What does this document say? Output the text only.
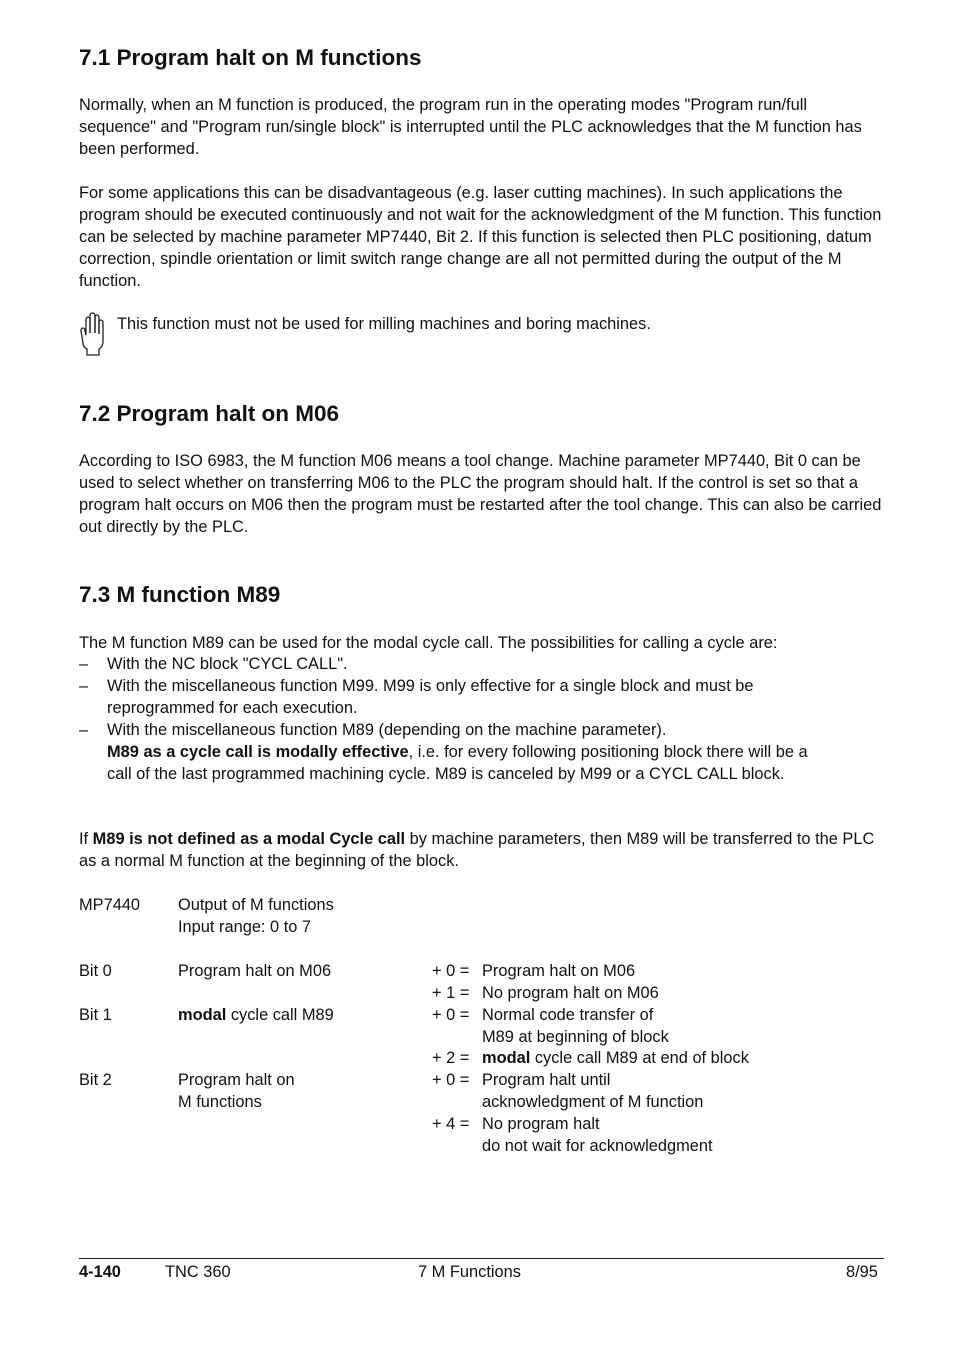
7.1 Program halt on M functions

Normally, when an M function is produced, the program run in the operating modes "Program run/full sequence" and "Program run/single block" is interrupted until the PLC acknowledges that the M function has been performed.

For some applications this can be disadvantageous (e.g. laser cutting machines). In such applications the program should be executed continuously and not wait for the acknowledgment of the M function. This function can be selected by machine parameter MP7440, Bit 2. If this function is selected then PLC positioning, datum correction, spindle orientation or limit switch range change are all not permitted during the output of the M function.

This function must not be used for milling machines and boring machines.

7.2 Program halt on M06

According to ISO 6983, the M function M06 means a tool change. Machine parameter MP7440, Bit 0 can be used to select whether on transferring M06 to the PLC the program should halt. If the control is set so that a program halt occurs on M06 then the program must be restarted after the tool change. This can also be carried out directly by the PLC.

7.3 M function M89

The M function M89 can be used for the modal cycle call. The possibilities for calling a cycle are:

– With the NC block "CYCL CALL".

– With the miscellaneous function M99. M99 is only effective for a single block and must be reprogrammed for each execution.

– With the miscellaneous function M89 (depending on the machine parameter).

M89 as a cycle call is modally effective, i.e. for every following positioning block there will be a call of the last programmed machining cycle. M89 is canceled by M99 or a CYCL CALL block.

If M89 is not defined as a modal Cycle call by machine parameters, then M89 will be transferred to the PLC as a normal M function at the beginning of the block.

MP7440 Output of M functions
Input range: 0 to 7
Bit 0	Program halt on M06	+ 0 = Program halt on M06
+ 1 = No program halt on M06
Bit 1	modal cycle call M89	+ 0 = Normal code transfer of
M89 at beginning of block
+ 2 = modal cycle call M89 at end of block
Bit 2	Program halt on
M functions
+ 0 = Program halt until
acknowledgment of M function
+ 4 = No program halt
do not wait for acknowledgment
4-140	TNC 360	7 M Functions	8/95
